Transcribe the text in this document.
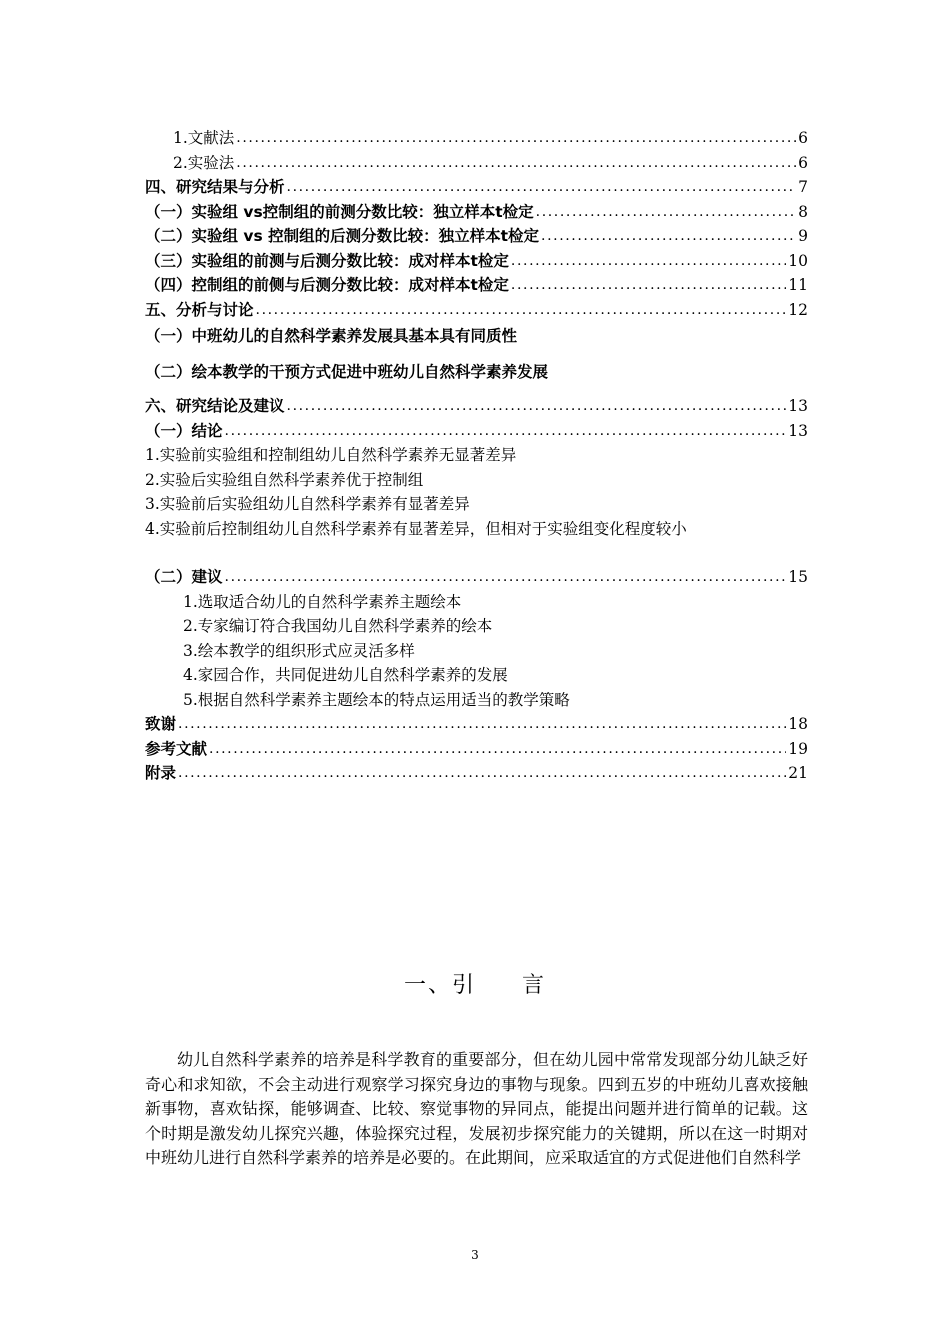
1.文献法 .....	6
2.实验法 .....	6
四、研究结果与分析 .....	7
（一）实验组 vs控制组的前测分数比较：独立样本t检定 .....	8
（二）实验组 vs 控制组的后测分数比较：独立样本t检定 .....	9
（三）实验组的前测与后测分数比较：成对样本t检定 .....	10
（四）控制组的前侧与后测分数比较：成对样本t检定 .....	11
五、分析与讨论 .....	12
（一）中班幼儿的自然科学素养发展具基本具有同质性
（二）绘本教学的干预方式促进中班幼儿自然科学素养发展
六、研究结论及建议 .....	13
（一）结论 .....	13
1.实验前实验组和控制组幼儿自然科学素养无显著差异
2.实验后实验组自然科学素养优于控制组
3.实验前后实验组幼儿自然科学素养有显著差异
4.实验前后控制组幼儿自然科学素养有显著差异，但相对于实验组变化程度较小
（二）建议 .....	15
1.选取适合幼儿的自然科学素养主题绘本
2.专家编订符合我国幼儿自然科学素养的绘本
3.绘本教学的组织形式应灵活多样
4.家园合作，共同促进幼儿自然科学素养的发展
5.根据自然科学素养主题绘本的特点运用适当的教学策略
致谢 .....	18
参考文献 .....	19
附录 .....	21
一、引 言
幼儿自然科学素养的培养是科学教育的重要部分，但在幼儿园中常常发现部分幼儿缺乏好奇心和求知欲，不会主动进行观察学习探究身边的事物与现象。四到五岁的中班幼儿喜欢接触新事物，喜欢钻探，能够调查、比较、察觉事物的异同点，能提出问题并进行简单的记载。这个时期是激发幼儿探究兴趣，体验探究过程，发展初步探究能力的关键期，所以在这一时期对中班幼儿进行自然科学素养的培养是必要的。在此期间，应采取适宜的方式促进他们自然科学
3
